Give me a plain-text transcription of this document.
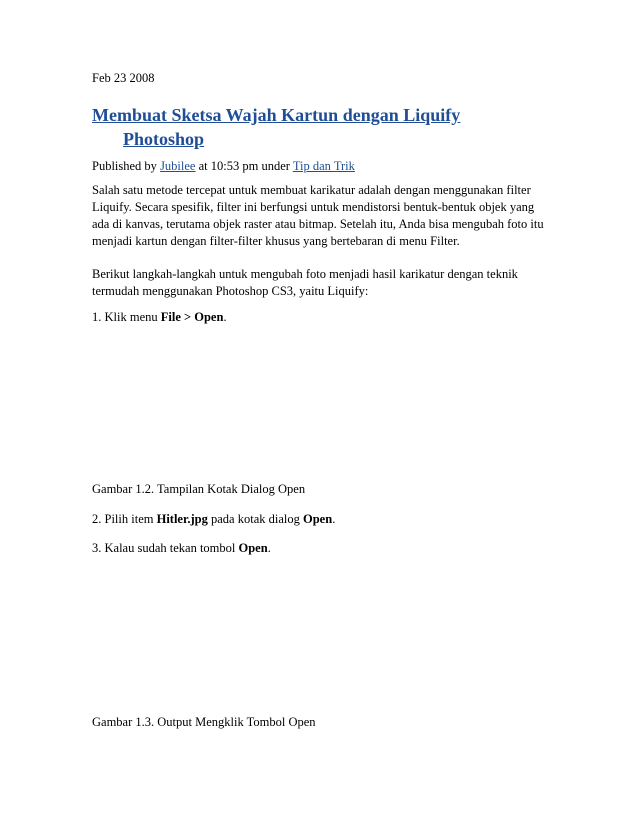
Feb 23 2008
Membuat Sketsa Wajah Kartun dengan Liquify Photoshop
Published by Jubilee at 10:53 pm under Tip dan Trik

Salah satu metode tercepat untuk membuat karikatur adalah dengan menggunakan filter Liquify. Secara spesifik, filter ini berfungsi untuk mendistorsi bentuk-bentuk objek yang ada di kanvas, terutama objek raster atau bitmap. Setelah itu, Anda bisa mengubah foto itu menjadi kartun dengan filter-filter khusus yang bertebaran di menu Filter.

Berikut langkah-langkah untuk mengubah foto menjadi hasil karikatur dengan teknik termudah menggunakan Photoshop CS3, yaitu Liquify:

1. Klik menu File > Open.

Gambar 1.2. Tampilan Kotak Dialog Open

2. Pilih item Hitler.jpg pada kotak dialog Open.

3. Kalau sudah tekan tombol Open.

Gambar 1.3. Output Mengklik Tombol Open
